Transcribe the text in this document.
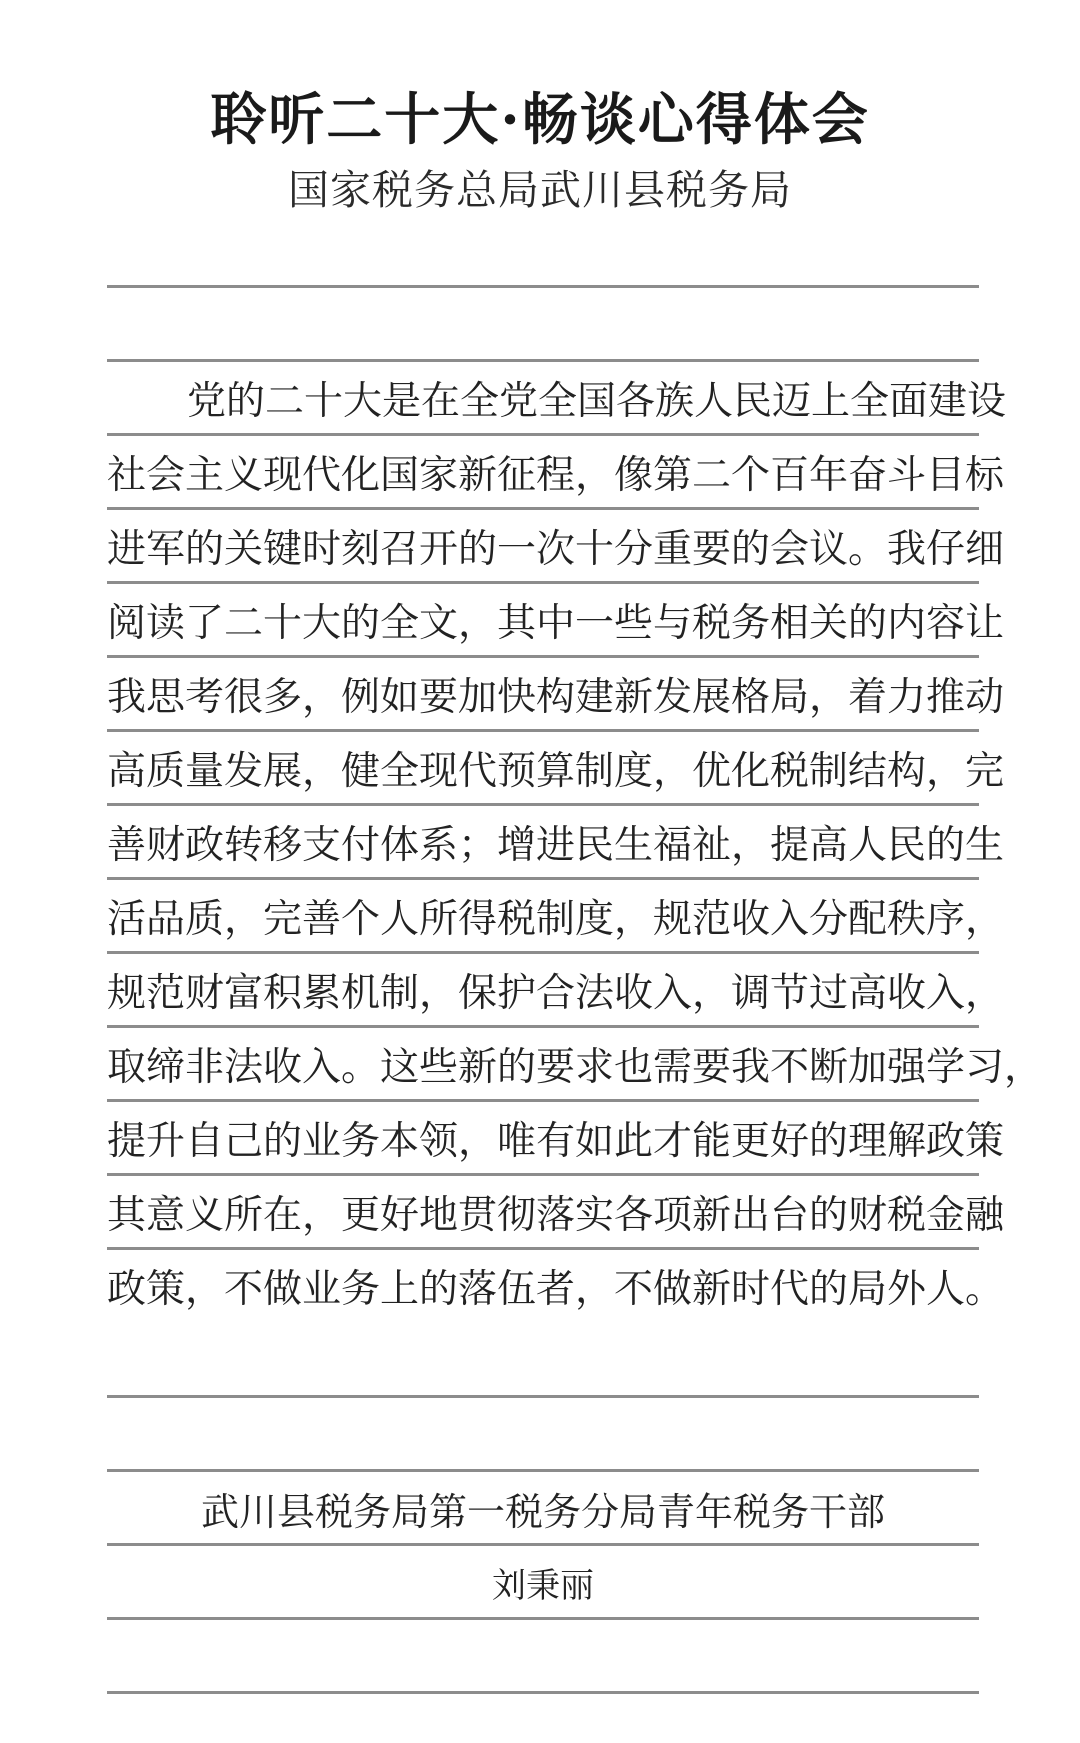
聆听二十大·畅谈心得体会
国家税务总局武川县税务局
党的二十大是在全党全国各族人民迈上全面建设
社会主义现代化国家新征程，像第二个百年奋斗目标
进军的关键时刻召开的一次十分重要的会议。我仔细
阅读了二十大的全文，其中一些与税务相关的内容让
我思考很多，例如要加快构建新发展格局，着力推动
高质量发展，健全现代预算制度，优化税制结构，完
善财政转移支付体系；增进民生福祉，提高人民的生
活品质，完善个人所得税制度，规范收入分配秩序，
规范财富积累机制，保护合法收入，调节过高收入，
取缔非法收入。这些新的要求也需要我不断加强学习，
提升自己的业务本领，唯有如此才能更好的理解政策
其意义所在，更好地贯彻落实各项新出台的财税金融
政策，不做业务上的落伍者，不做新时代的局外人。
武川县税务局第一税务分局青年税务干部
刘秉丽
